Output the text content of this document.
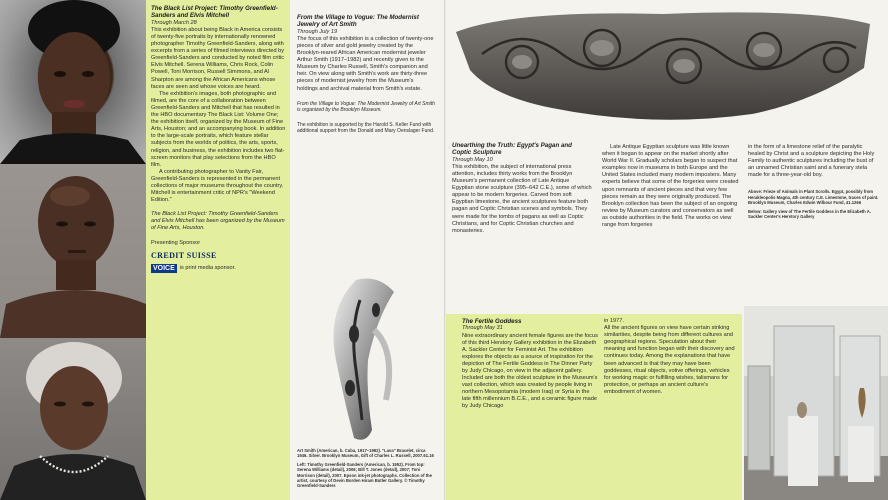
The Black List Project: Timothy Greenfield-Sanders and Elvis Mitchell
Through March 28

This exhibition about being Black in America consists of twenty-five portraits by internationally renowned photographer Timothy Greenfield-Sanders, along with excerpts from a series of filmed interviews directed by Greenfield-Sanders and conducted by noted film critic Elvis Mitchell. Serena Williams, Chris Rock, Colin Powell, Toni Morrison, Russell Simmons, and Al Sharpton are among the African Americans whose faces are seen and whose voices are heard.

The exhibition's images, both photographic and filmed, are the core of a collaboration between Greenfield-Sanders and Mitchell that has resulted in the HBO documentary The Black List: Volume One; the exhibition itself, organized by the Museum of Fine Arts, Houston; and an accompanying book. In addition to the large-scale portraits, which feature stellar subjects from the worlds of politics, the arts, sports, religion, and business, the exhibition includes two flat-screen monitors that play selections from the HBO film.

A contributing photographer to Vanity Fair, Greenfield-Sanders is represented in the permanent collections of major museums throughout the country. Mitchell is entertainment critic of NPR's "Weekend Edition."

The Black List Project: Timothy Greenfield-Sanders and Elvis Mitchell has been organized by the Museum of Fine Arts, Houston.

Presenting Sponsor

CREDIT SUISSE
VOICE is print media sponsor.
From the Village to Vogue: The Modernist Jewelry of Art Smith
Through July 19

The focus of this exhibition is a collection of twenty-one pieces of silver and gold jewelry created by the Brooklyn-reared African American modernist jeweler Arthur Smith (1917–1982) and recently given to the Museum by Charles Russell, Smith's companion and heir. On view along with Smith's work are thirty-three pieces of modernist jewelry from the Museum's holdings and archival material from Smith's estate.

From the Village to Vogue: The Modernist Jewelry of Art Smith is organized by the Brooklyn Museum.

The exhibition is supported by the Harold S. Keller Fund with additional support from the Donald and Mary Oenslager Fund.

Art Smith (American, b. Cuba, 1917–1982). "Lava" Bracelet, circa 1946. Silver. Brooklyn Museum, Gift of Charles L. Russell, 2007.61.16

Left: Timothy Greenfield-Sanders (American, b. 1952). From top: Serena Williams (detail), 2006; Bill T. Jones (detail), 2007; Toni Morrison (detail), 2007. Epson ink-jet photographs. Collection of the artist, courtesy of Devin Borden Hiram Butler Gallery. © Timothy Greenfield-Sanders

Unearthing the Truth: Egypt's Pagan and Coptic Sculpture
Through May 10

This exhibition, the subject of international press attention, includes thirty works from the Brooklyn Museum's permanent collection of Late Antique Egyptian stone sculpture (395–642 C.E.), some of which appear to be modern forgeries. Carved from soft Egyptian limestone, the ancient sculptures feature both pagan and Coptic Christian scenes and symbols. They were made for the tombs of pagans as well as Coptic Christians, and for Coptic Christian churches and monasteries.

Late Antique Egyptian sculpture was little known when it began to appear on the market shortly after World War II. Gradually scholars began to suspect that examples now in museums in both Europe and the United States included many modern imposters. Many experts believe that some of the forgeries were created upon remnants of ancient pieces and that very few pieces remain as they were originally produced. The Brooklyn collection has been the subject of an ongoing review by Museum curators and conservators as well as outside authorities in the field. The works on view range from forgeries

in the form of a limestone relief of the paralytic healed by Christ and a sculpture depicting the Holy Family to authentic sculptures including the bust of an unnamed Christian saint and a funerary stela made for a three-year-old boy.

Above: Frieze of Animals in Plant Scrolls. Egypt, possibly from Herakleopolis Magna, 4th century C.E. Limestone, traces of paint. Brooklyn Museum, Charles Edwin Wilbour Fund, 41.1266

Below: Gallery view of The Fertile Goddess in the Elizabeth A. Sackler Center's Herstory Gallery

The Fertile Goddess
Through May 31

Nine extraordinary ancient female figures are the focus of this third Herstory Gallery exhibition in the Elizabeth A. Sackler Center for Feminist Art. The exhibition explores the objects as a source of inspiration for the depiction of The Fertile Goddess in The Dinner Party by Judy Chicago, on view in the adjacent gallery. Included are both the oldest sculpture in the Museum's vast collection, which was created by people living in northern Mesopotamia (modern Iraq) or Syria in the late fifth millennium B.C.E., and a ceramic figure made by Judy Chicago

in 1977.
All the ancient figures on view have certain striking similarities, despite being from different cultures and geographical regions. Speculation about their meaning and function began with their discovery and continues today. Among the explanations that have been advanced is that they may have been goddesses, ritual objects, votive offerings, vehicles for working magic or fulfilling wishes, talismans for protection, or perhaps an ancient culture's embodiment of women.
